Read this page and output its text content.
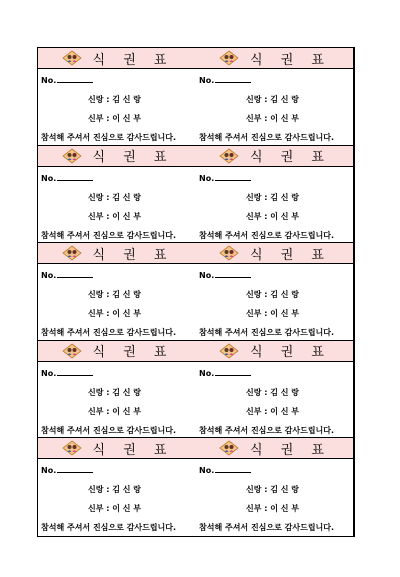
식 권 표
No.
신랑 : 김 신 랑
신부 : 이 신 부
참석해 주셔서 진심으로 감사드립니다.
식 권 표
No.
신랑 : 김 신 랑
신부 : 이 신 부
참석해 주셔서 진심으로 감사드립니다.
식 권 표
No.
신랑 : 김 신 랑
신부 : 이 신 부
참석해 주셔서 진심으로 감사드립니다.
식 권 표
No.
신랑 : 김 신 랑
신부 : 이 신 부
참석해 주셔서 진심으로 감사드립니다.
식 권 표
No.
신랑 : 김 신 랑
신부 : 이 신 부
참석해 주셔서 진심으로 감사드립니다.
식 권 표
No.
신랑 : 김 신 랑
신부 : 이 신 부
참석해 주셔서 진심으로 감사드립니다.
식 권 표
No.
신랑 : 김 신 랑
신부 : 이 신 부
참석해 주셔서 진심으로 감사드립니다.
식 권 표
No.
신랑 : 김 신 랑
신부 : 이 신 부
참석해 주셔서 진심으로 감사드립니다.
식 권 표
No.
신랑 : 김 신 랑
신부 : 이 신 부
참석해 주셔서 진심으로 감사드립니다.
식 권 표
No.
신랑 : 김 신 랑
신부 : 이 신 부
참석해 주셔서 진심으로 감사드립니다.
